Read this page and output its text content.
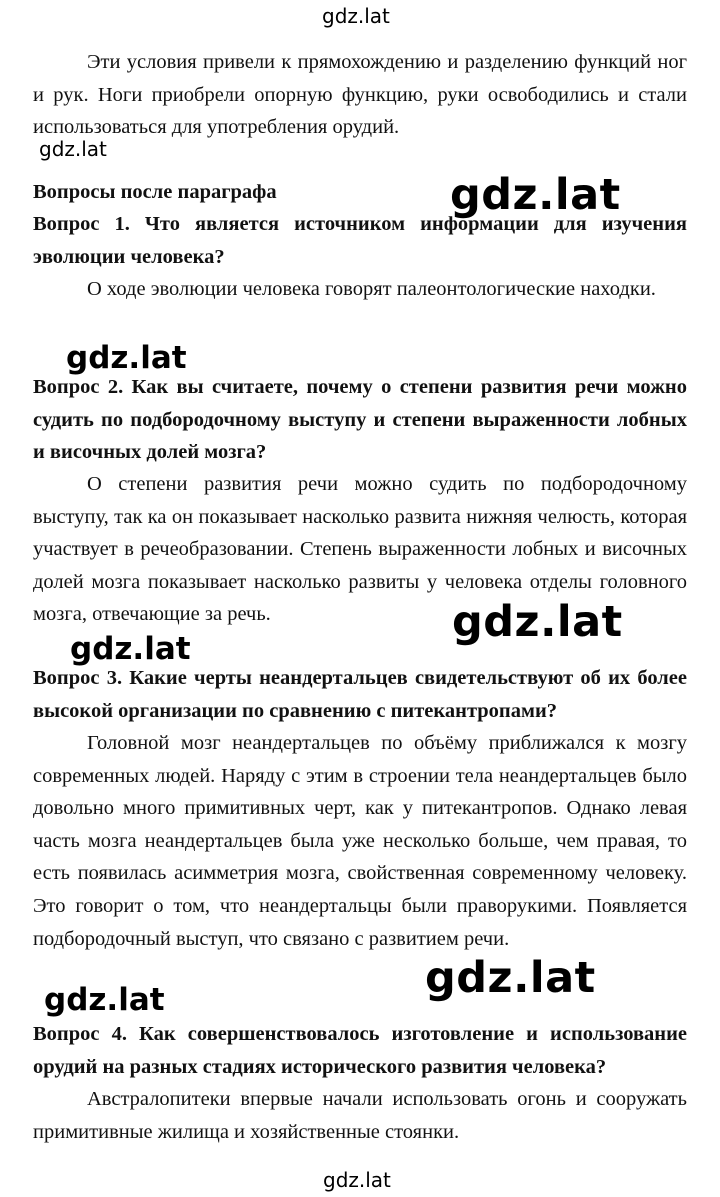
gdz.lat
Эти условия привели к прямохождению и разделению функций ног и рук. Ноги приобрели опорную функцию, руки освободились и стали использоваться для употребления орудий.
gdz.lat
Вопросы после параграфа
Вопрос 1. Что является источником информации для изучения эволюции человека?
О ходе эволюции человека говорят палеонтологические находки.
Вопрос 2. Как вы считаете, почему о степени развития речи можно судить по подбородочному выступу и степени выраженности лобных и височных долей мозга?
О степени развития речи можно судить по подбородочному выступу, так ка он показывает насколько развита нижняя челюсть, которая участвует в речеобразовании. Степень выраженности лобных и височных долей мозга показывает насколько развиты у человека отделы головного мозга, отвечающие за речь.
Вопрос 3. Какие черты неандертальцев свидетельствуют об их более высокой организации по сравнению с питекантропами?
Головной мозг неандертальцев по объёму приближался к мозгу современных людей. Наряду с этим в строении тела неандертальцев было довольно много примитивных черт, как у питекантропов. Однако левая часть мозга неандертальцев была уже несколько больше, чем правая, то есть появилась асимметрия мозга, свойственная современному человеку. Это говорит о том, что неандертальцы были праворукими. Появляется подбородочный выступ, что связано с развитием речи.
Вопрос 4. Как совершенствовалось изготовление и использование орудий на разных стадиях исторического развития человека?
Австралопитеки впервые начали использовать огонь и сооружать примитивные жилища и хозяйственные стоянки.
gdz.lat
gdz.lat
gdz.lat
gdz.lat
gdz.lat
gdz.lat
gdz.lat
